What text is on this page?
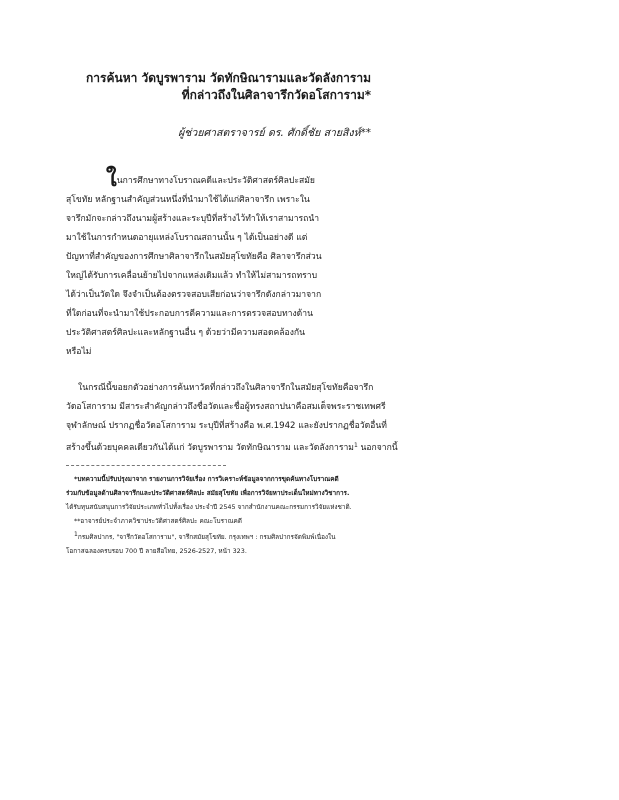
การค้นหา วัดบูรพาราม วัดทักษิณารามและวัดลังการาม
ที่กล่าวถึงในศิลาจารึกวัดอโสการาม*
ผู้ช่วยศาสตราจารย์ ดร. ศักดิ์ชัย สายสิงห์**
ในการศึกษาทางโบราณคดีและประวัติศาสตร์ศิลปะสมัย
สุโขทัย หลักฐานสำคัญส่วนหนึ่งที่นำมาใช้ได้แก่ศิลาจารึก เพราะใน
จารึกมักจะกล่าวถึงนามผู้สร้างและระบุปีที่สร้างไว้ทำให้เราสามารถนำ
มาใช้ในการกำหนดอายุแหล่งโบราณสถานนั้น ๆ ได้เป็นอย่างดี แต่
ปัญหาที่สำคัญของการศึกษาศิลาจารึกในสมัยสุโขทัยคือ ศิลาจารึกส่วน
ใหญ่ได้รับการเคลื่อนย้ายไปจากแหล่งเดิมแล้ว ทำให้ไม่สามารถทราบ
ได้ว่าเป็นวัดใด จึงจำเป็นต้องตรวจสอบเสียก่อนว่าจารึกดังกล่าวมาจาก
ที่ใดก่อนที่จะนำมาใช้ประกอบการตีความและการตรวจสอบทางด้าน
ประวัติศาสตร์ศิลปะและหลักฐานอื่น ๆ ด้วยว่ามีความสอดคล้องกัน
หรือไม่
ในกรณีนี้ขอยกตัวอย่างการค้นหาวัดที่กล่าวถึงในศิลาจารึกในสมัยสุโขทัยคือจารึก
วัดอโสการาม มีสาระสำคัญกล่าวถึงชื่อวัดและชื่อผู้ทรงสถาปนาคือสมเด็จพระราชเทพศรี
จุฬาลักษณ์ ปรากฏชื่อวัดอโสการาม ระบุปีที่สร้างคือ พ.ศ.1942 และยังปรากฏชื่อวัดอื่นที่
สร้างขึ้นด้วยบุคคลเดียวกันได้แก่ วัดบูรพาราม วัดทักษิณาราม และวัดลังการาม$^1$ นอกจากนี้
*บทความนี้ปรับปรุงมาจาก รายงานการวิจัยเรื่อง การวิเคราะห์ข้อมูลจากการขุดค้นทางโบราณคดี
ร่วมกับข้อมูลด้านศิลาจารึกและประวัติศาสตร์ศิลปะ สมัยสุโขทัย เพื่อการวิจัยหาประเด็นใหม่ทางวิชาการ.
ได้รับทุนสนับสนุนการวิจัยประเภททั่วไปทั้งเรื่อง ประจำปี 2545 จากสำนักงานคณะกรรมการวิจัยแห่งชาติ.
**อาจารย์ประจำภาควิชาประวัติศาสตร์ศิลปะ คณะโบราณคดี
$^1$กรมศิลปากร, "จารึกวัดอโสการาม", จารึกสมัยสุโขทัย. กรุงเทพฯ : กรมศิลปากรจัดพิมพ์เนื่องใน
โอกาสฉลองครบรอบ 700 ปี ลายสือไทย, 2526-2527, หน้า 323.
